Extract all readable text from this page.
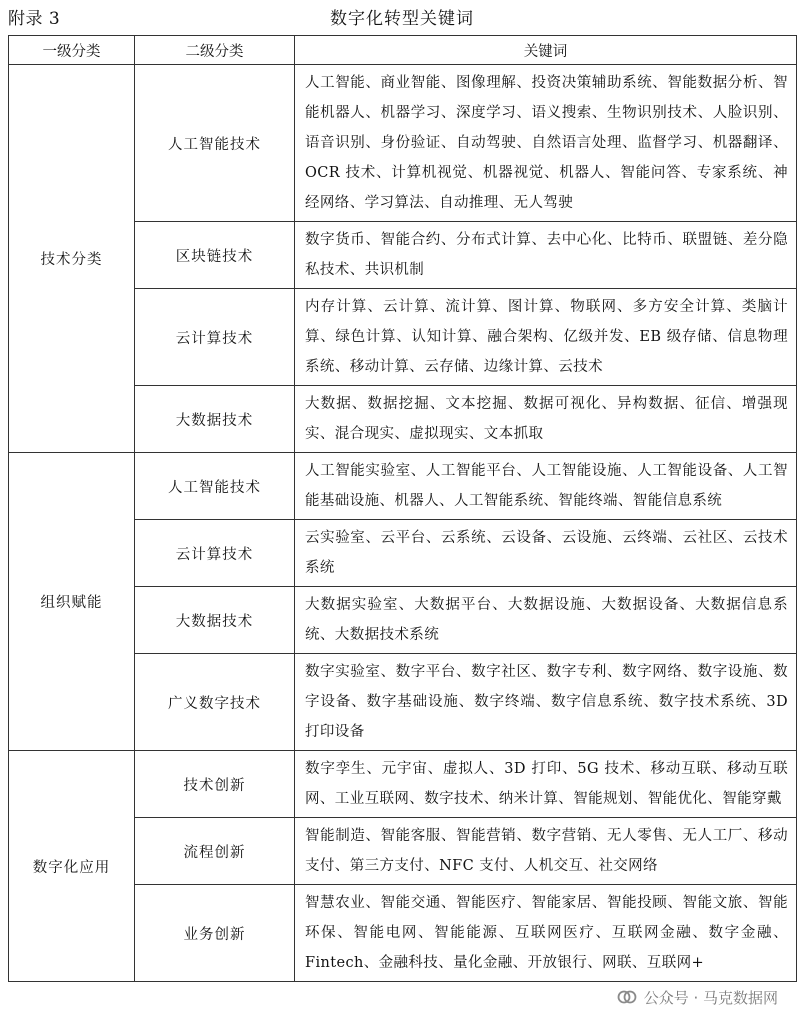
附录 3	数字化转型关键词
一级分类	二级分类	关键词
技术分类	人工智能技术	人工智能、商业智能、图像理解、投资决策辅助系统、智能数据分析、智能机器人、机器学习、深度学习、语义搜索、生物识别技术、人脸识别、语音识别、身份验证、自动驾驶、自然语言处理、监督学习、机器翻译、OCR 技术、计算机视觉、机器视觉、机器人、智能问答、专家系统、神经网络、学习算法、自动推理、无人驾驶
	区块链技术	数字货币、智能合约、分布式计算、去中心化、比特币、联盟链、差分隐私技术、共识机制
	云计算技术	内存计算、云计算、流计算、图计算、物联网、多方安全计算、类脑计算、绿色计算、认知计算、融合架构、亿级并发、EB 级存储、信息物理系统、移动计算、云存储、边缘计算、云技术
	大数据技术	大数据、数据挖掘、文本挖掘、数据可视化、异构数据、征信、增强现实、混合现实、虚拟现实、文本抓取
组织赋能	人工智能技术	人工智能实验室、人工智能平台、人工智能设施、人工智能设备、人工智能基础设施、机器人、人工智能系统、智能终端、智能信息系统
	云计算技术	云实验室、云平台、云系统、云设备、云设施、云终端、云社区、云技术系统
	大数据技术	大数据实验室、大数据平台、大数据设施、大数据设备、大数据信息系统、大数据技术系统
	广义数字技术	数字实验室、数字平台、数字社区、数字专利、数字网络、数字设施、数字设备、数字基础设施、数字终端、数字信息系统、数字技术系统、3D 打印设备
数字化应用	技术创新	数字孪生、元宇宙、虚拟人、3D 打印、5G 技术、移动互联、移动互联网、工业互联网、数字技术、纳米计算、智能规划、智能优化、智能穿戴
	流程创新	智能制造、智能客服、智能营销、数字营销、无人零售、无人工厂、移动支付、第三方支付、NFC 支付、人机交互、社交网络
	业务创新	智慧农业、智能交通、智能医疗、智能家居、智能投顾、智能文旅、智能环保、智能电网、智能能源、互联网医疗、互联网金融、数字金融、Fintech、金融科技、量化金融、开放银行、网联、互联网+
公众号 · 马克数据网
